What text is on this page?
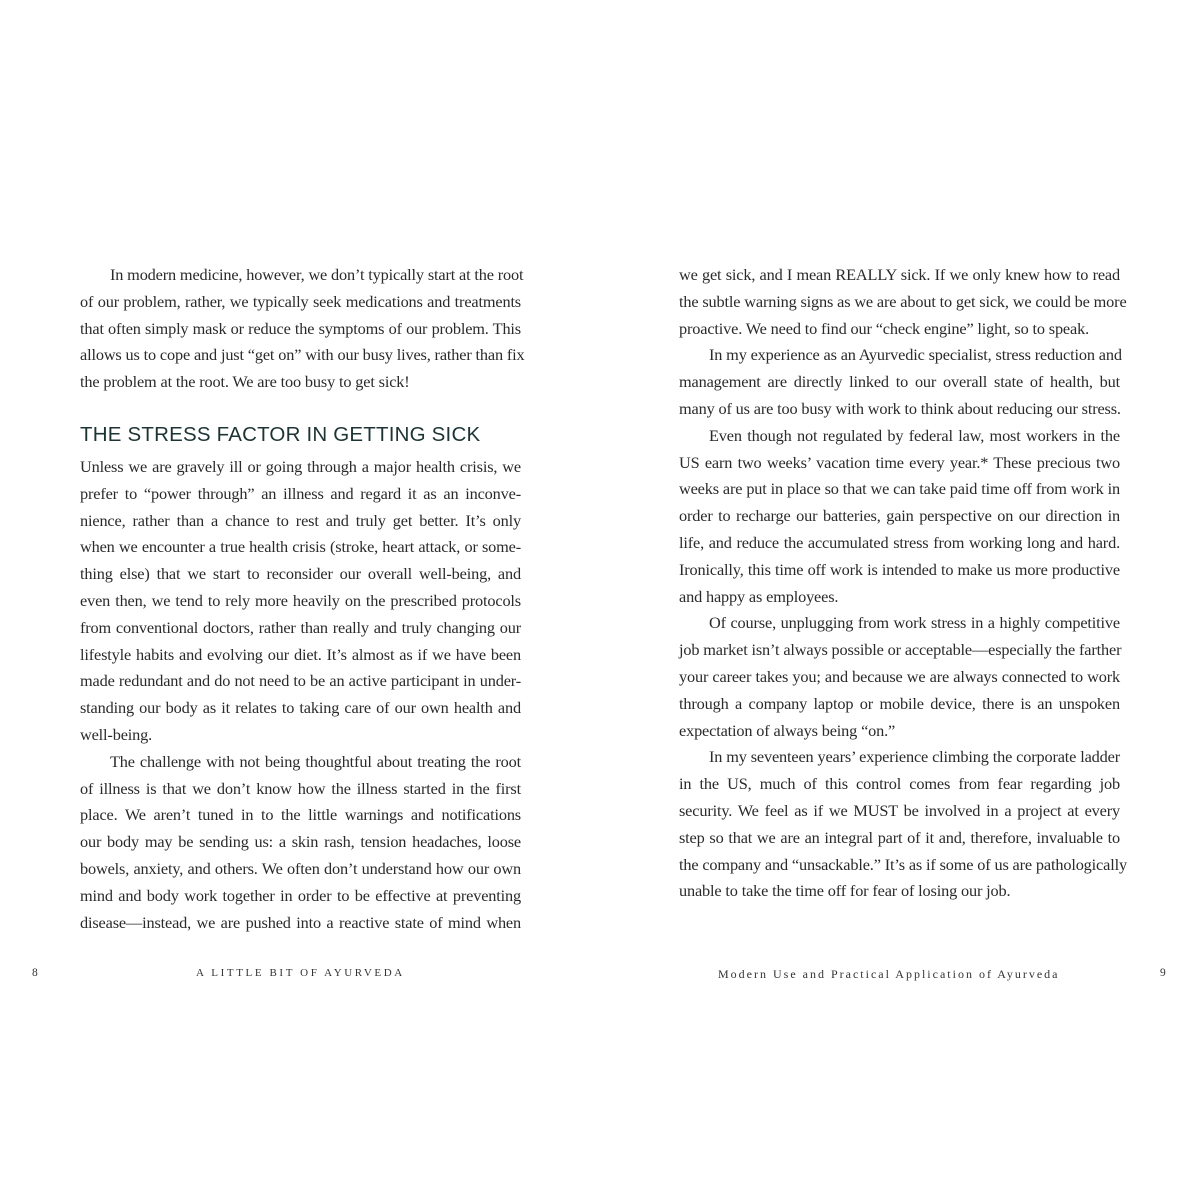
In modern medicine, however, we don’t typically start at the root
of our problem, rather, we typically seek medications and treatments
that often simply mask or reduce the symptoms of our problem. This
allows us to cope and just “get on” with our busy lives, rather than fix
the problem at the root. We are too busy to get sick!
THE STRESS FACTOR IN GETTING SICK
Unless we are gravely ill or going through a major health crisis, we
prefer to “power through” an illness and regard it as an inconve-
nience, rather than a chance to rest and truly get better. It’s only
when we encounter a true health crisis (stroke, heart attack, or some-
thing else) that we start to reconsider our overall well-being, and
even then, we tend to rely more heavily on the prescribed protocols
from conventional doctors, rather than really and truly changing our
lifestyle habits and evolving our diet. It’s almost as if we have been
made redundant and do not need to be an active participant in under-
standing our body as it relates to taking care of our own health and
well-being.
The challenge with not being thoughtful about treating the root
of illness is that we don’t know how the illness started in the first
place. We aren’t tuned in to the little warnings and notifications
our body may be sending us: a skin rash, tension headaches, loose
bowels, anxiety, and others. We often don’t understand how our own
mind and body work together in order to be effective at preventing
disease—instead, we are pushed into a reactive state of mind when
we get sick, and I mean REALLY sick. If we only knew how to read
the subtle warning signs as we are about to get sick, we could be more
proactive. We need to find our “check engine” light, so to speak.
In my experience as an Ayurvedic specialist, stress reduction and
management are directly linked to our overall state of health, but
many of us are too busy with work to think about reducing our stress.
Even though not regulated by federal law, most workers in the
US earn two weeks’ vacation time every year.* These precious two
weeks are put in place so that we can take paid time off from work in
order to recharge our batteries, gain perspective on our direction in
life, and reduce the accumulated stress from working long and hard.
Ironically, this time off work is intended to make us more productive
and happy as employees.
Of course, unplugging from work stress in a highly competitive
job market isn’t always possible or acceptable—especially the farther
your career takes you; and because we are always connected to work
through a company laptop or mobile device, there is an unspoken
expectation of always being “on.”
In my seventeen years’ experience climbing the corporate ladder
in the US, much of this control comes from fear regarding job
security. We feel as if we MUST be involved in a project at every
step so that we are an integral part of it and, therefore, invaluable to
the company and “unsackable.” It’s as if some of us are pathologically
unable to take the time off for fear of losing our job.
8	A LITTLE BIT OF AYURVEDA	Modern Use and Practical Application of Ayurveda	9
